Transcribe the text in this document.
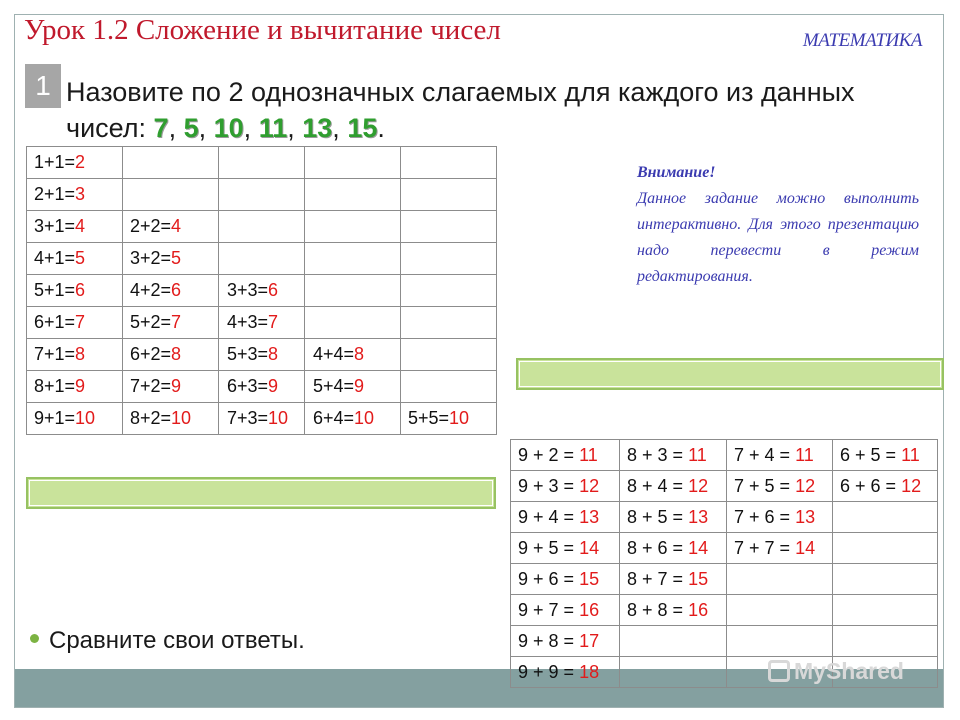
Урок 1.2 Сложение и вычитание чисел	МАТЕМАТИКА
1 Назовите по 2 однозначных слагаемых для каждого из данных чисел: 7, 5, 10, 11, 13, 15.
1+1=2				
2+1=3				
3+1=4	2+2=4			
4+1=5	3+2=5			
5+1=6	4+2=6	3+3=6		
6+1=7	5+2=7	4+3=7		
7+1=8	6+2=8	5+3=8	4+4=8	
8+1=9	7+2=9	6+3=9	5+4=9	
9+1=10	8+2=10	7+3=10	6+4=10	5+5=10
Внимание!
Данное задание можно выполнить интерактивно. Для этого презентацию надо перевести в режим редактирования.
9 + 2 = 11	8 + 3 = 11	7 + 4 = 11	6 + 5 = 11
9 + 3 = 12	8 + 4 = 12	7 + 5 = 12	6 + 6 = 12
9 + 4 = 13	8 + 5 = 13	7 + 6 = 13	
9 + 5 = 14	8 + 6 = 14	7 + 7 = 14	
9 + 6 = 15	8 + 7 = 15		
9 + 7 = 16	8 + 8 = 16		
9 + 8 = 17			
9 + 9 = 18			
Сравните свои ответы.
MyShared
